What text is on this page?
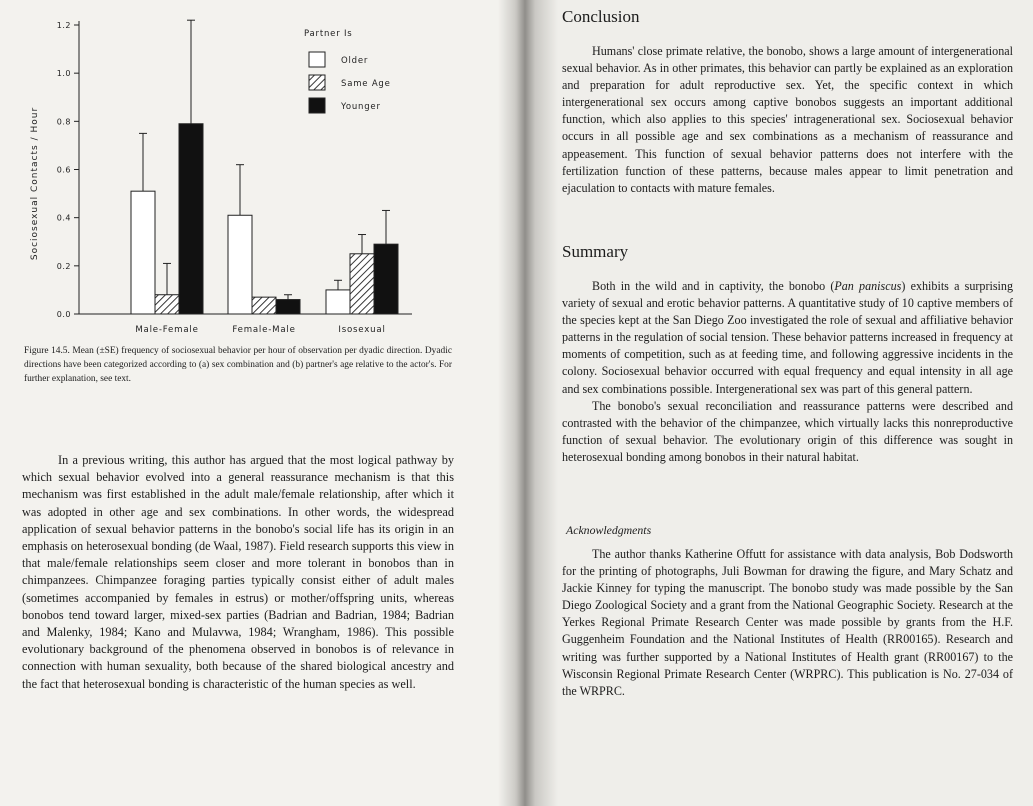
0.0
0.2
0.4
0.6
0.8
1.0
1.2
Sociosexual Contacts / Hour
Male-Female	Female-Male	Isosexual
Partner Is
Older
Same Age
Younger
Figure 14.5. Mean (±SE) frequency of sociosexual behavior per hour of observation per dyadic direction. Dyadic directions have been categorized according to (a) sex combination and (b) partner's age relative to the actor's. For further explanation, see text.

In a previous writing, this author has argued that the most logical pathway by which sexual behavior evolved into a general reassurance mechanism is that this mechanism was first established in the adult male/female relationship, after which it was adopted in other age and sex combinations. In other words, the widespread application of sexual behavior patterns in the bonobo's social life has its origin in an emphasis on heterosexual bonding (de Waal, 1987). Field research supports this view in that male/female relationships seem closer and more tolerant in bonobos than in chimpanzees. Chimpanzee foraging parties typically consist either of adult males (sometimes accompanied by females in estrus) or mother/offspring units, whereas bonobos tend toward larger, mixed-sex parties (Badrian and Badrian, 1984; Badrian and Malenky, 1984; Kano and Mulavwa, 1984; Wrangham, 1986). This possible evolutionary background of the phenomena observed in bonobos is of relevance in connection with human sexuality, both because of the shared biological ancestry and the fact that heterosexual bonding is characteristic of the human species as well.

Conclusion

Humans' close primate relative, the bonobo, shows a large amount of intergenerational sexual behavior. As in other primates, this behavior can partly be explained as an exploration and preparation for adult reproductive sex. Yet, the specific context in which intergenerational sex occurs among captive bonobos suggests an important additional function, which also applies to this species' intragenerational sex. Sociosexual behavior occurs in all possible age and sex combinations as a mechanism of reassurance and appeasement. This function of sexual behavior patterns does not interfere with the fertilization function of these patterns, because males appear to limit penetration and ejaculation to contacts with mature females.

Summary

Both in the wild and in captivity, the bonobo (Pan paniscus) exhibits a surprising variety of sexual and erotic behavior patterns. A quantitative study of 10 captive members of the species kept at the San Diego Zoo investigated the role of sexual and affiliative behavior patterns in the regulation of social tension. These behavior patterns increased in frequency at moments of competition, such as at feeding time, and following aggressive incidents in the colony. Sociosexual behavior occurred with equal frequency and equal intensity in all age and sex combinations possible. Intergenerational sex was part of this general pattern.

The bonobo's sexual reconciliation and reassurance patterns were described and contrasted with the behavior of the chimpanzee, which virtually lacks this nonreproductive function of sexual behavior. The evolutionary origin of this difference was sought in heterosexual bonding among bonobos in their natural habitat.

Acknowledgments

The author thanks Katherine Offutt for assistance with data analysis, Bob Dodsworth for the printing of photographs, Juli Bowman for drawing the figure, and Mary Schatz and Jackie Kinney for typing the manuscript. The bonobo study was made possible by the San Diego Zoological Society and a grant from the National Geographic Society. Research at the Yerkes Regional Primate Research Center was made possible by grants from the H.F. Guggenheim Foundation and the National Institutes of Health (RR00165). Research and writing was further supported by a National Institutes of Health grant (RR00167) to the Wisconsin Regional Primate Research Center (WRPRC). This publication is No. 27-034 of the WRPRC.
